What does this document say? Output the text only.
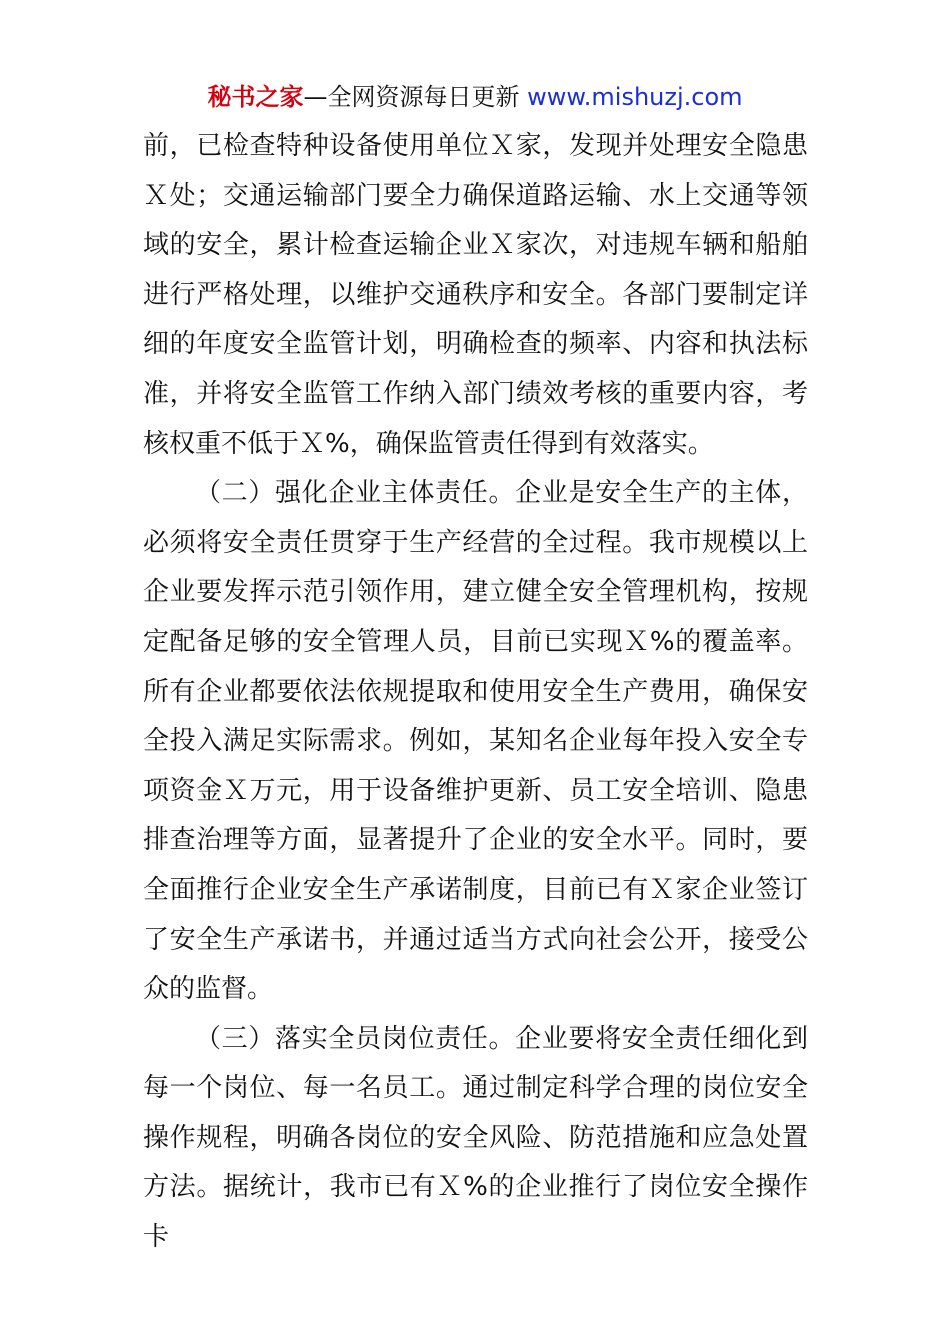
秘书之家—全网资源每日更新 www.mishuzj.com

前，已检查特种设备使用单位Ｘ家，发现并处理安全隐患Ｘ处；交通运输部门要全力确保道路运输、水上交通等领域的安全，累计检查运输企业Ｘ家次，对违规车辆和船舶进行严格处理，以维护交通秩序和安全。各部门要制定详细的年度安全监管计划，明确检查的频率、内容和执法标准，并将安全监管工作纳入部门绩效考核的重要内容，考核权重不低于Ｘ%，确保监管责任得到有效落实。

（二）强化企业主体责任。企业是安全生产的主体，必须将安全责任贯穿于生产经营的全过程。我市规模以上企业要发挥示范引领作用，建立健全安全管理机构，按规定配备足够的安全管理人员，目前已实现Ｘ%的覆盖率。所有企业都要依法依规提取和使用安全生产费用，确保安全投入满足实际需求。例如，某知名企业每年投入安全专项资金Ｘ万元，用于设备维护更新、员工安全培训、隐患排查治理等方面，显著提升了企业的安全水平。同时，要全面推行企业安全生产承诺制度，目前已有Ｘ家企业签订了安全生产承诺书，并通过适当方式向社会公开，接受公众的监督。

（三）落实全员岗位责任。企业要将安全责任细化到每一个岗位、每一名员工。通过制定科学合理的岗位安全操作规程，明确各岗位的安全风险、防范措施和应急处置方法。据统计，我市已有Ｘ%的企业推行了岗位安全操作卡
